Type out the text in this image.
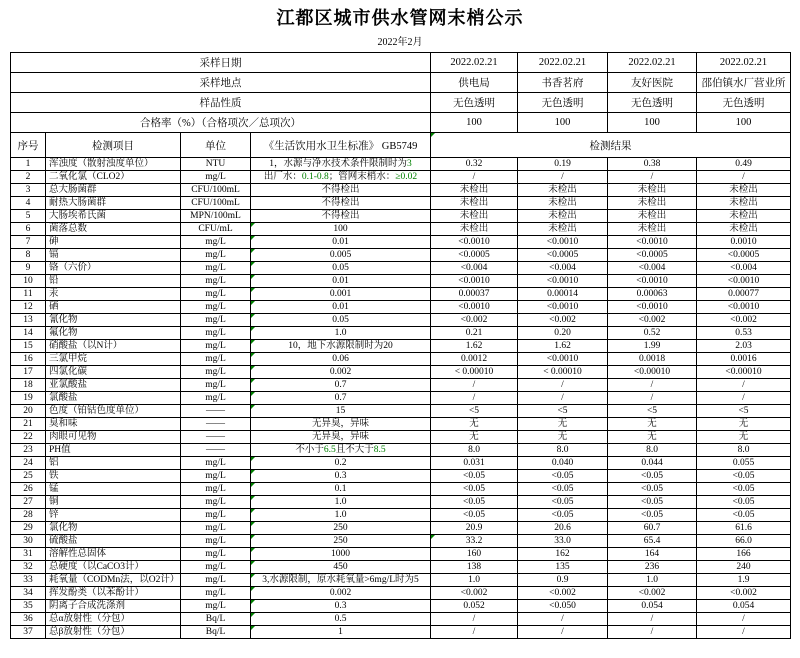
江都区城市供水管网末梢公示
2022年2月
采样日期				2022.02.21	2022.02.21	2022.02.21	2022.02.21
采样地点				供电局	书香茗府	友好医院	邵伯镇水厂营业所
样品性质				无色透明	无色透明	无色透明	无色透明
合格率（%）（合格项次／总项次）				100	100	100	100
序号	检测项目	单位	《生活饮用水卫生标准》 GB5749	检测结果			
1	浑浊度（散射浊度单位）	NTU	1，水源与净水技术条件限制时为3	0.32	0.19	0.38	0.49
2	二氧化氯（CLO2）	mg/L	出厂水：0.1-0.8；管网末梢水：≥0.02	/	/	/	/
3	总大肠菌群	CFU/100mL	不得检出	未检出	未检出	未检出	未检出
4	耐热大肠菌群	CFU/100mL	不得检出	未检出	未检出	未检出	未检出
5	大肠埃希氏菌	MPN/100mL	不得检出	未检出	未检出	未检出	未检出
6	菌落总数	CFU/mL	100	未检出	未检出	未检出	未检出
7	砷	mg/L	0.01	<0.0010	<0.0010	<0.0010	0.0010
8	镉	mg/L	0.005	<0.0005	<0.0005	<0.0005	<0.0005
9	铬（六价）	mg/L	0.05	<0.004	<0.004	<0.004	<0.004
10	铅	mg/L	0.01	<0.0010	<0.0010	<0.0010	<0.0010
11	汞	mg/L	0.001	0.00037	0.00014	0.00063	0.00077
12	硒	mg/L	0.01	<0.0010	<0.0010	<0.0010	<0.0010
13	氰化物	mg/L	0.05	<0.002	<0.002	<0.002	<0.002
14	氟化物	mg/L	1.0	0.21	0.20	0.52	0.53
15	硝酸盐（以N计）	mg/L	10，地下水源限制时为20	1.62	1.62	1.99	2.03
16	三氯甲烷	mg/L	0.06	0.0012	<0.0010	0.0018	0.0016
17	四氯化碳	mg/L	0.002	< 0.00010	< 0.00010	<0.00010	<0.00010
18	亚氯酸盐	mg/L	0.7	/	/	/	/
19	氯酸盐	mg/L	0.7	/	/	/	/
20	色度（铂钴色度单位）	——	15	<5	<5	<5	<5
21	臭和味	——	无异臭，异味	无	无	无	无
22	肉眼可见物	——	无异臭，异味	无	无	无	无
23	PH值	——	不小于6.5且不大于8.5	8.0	8.0	8.0	8.0
24	铝	mg/L	0.2	0.031	0.040	0.044	0.055
25	铁	mg/L	0.3	<0.05	<0.05	<0.05	<0.05
26	锰	mg/L	0.1	<0.05	<0.05	<0.05	<0.05
27	铜	mg/L	1.0	<0.05	<0.05	<0.05	<0.05
28	锌	mg/L	1.0	<0.05	<0.05	<0.05	<0.05
29	氯化物	mg/L	250	20.9	20.6	60.7	61.6
30	硫酸盐	mg/L	250	33.2	33.0	65.4	66.0
31	溶解性总固体	mg/L	1000	160	162	164	166
32	总硬度（以CaCO3计）	mg/L	450	138	135	236	240
33	耗氧量（CODMn法，以O2计）	mg/L	3,水源限制，原水耗氧量>6mg/L时为5	1.0	0.9	1.0	1.9
34	挥发酚类（以苯酚计）	mg/L	0.002	<0.002	<0.002	<0.002	<0.002
35	阴离子合成洗涤剂	mg/L	0.3	0.052	<0.050	0.054	0.054
36	总α放射性（分包）	Bq/L	0.5	/	/	/	/
37	总β放射性（分包）	Bq/L	1	/	/	/	/
